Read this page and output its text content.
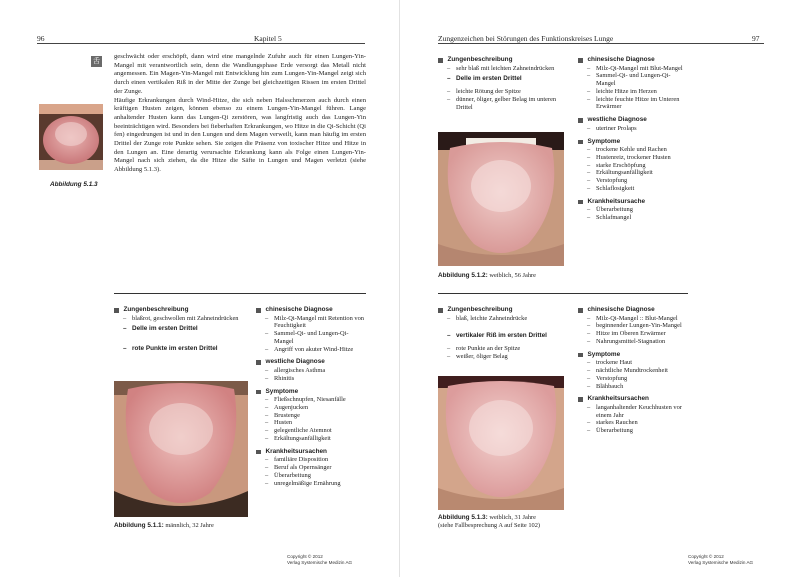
96	Kapitel 5
舌

geschwächt oder erschöpft, dann wird eine mangelnde Zufuhr auch für einen Lungen-Yin-Mangel mit verantwortlich sein, denn die Wandlungsphase Erde versorgt das Metall nicht angemessen. Ein Magen-Yin-Mangel mit Entwicklung hin zum Lungen-Yin-Mangel zeigt sich durch einen vertikalen Riß in der Mitte der Zunge bei gleichzeitigen Rissen im ersten Drittel der Zunge.

Häufige Erkrankungen durch Wind-Hitze, die sich neben Halsschmerzen auch durch einen kräftigen Husten zeigen, können ebenso zu einem Lungen-Yin-Mangel führen. Lange anhaltender Husten kann das Lungen-Qi zerstören, was langfristig auch das Lungen-Yin beeinträchtigen wird. Besonders bei fieberhaften Erkrankungen, wo Hitze in die Qi-Schicht (Qi fen) eingedrungen ist und in den Lungen und dem Magen verweilt, kann man häufig im ersten Drittel der Zunge rote Punkte sehen. Sie zeigen die Präsenz von toxischer Hitze und Hitze in den Lungen an. Eine derartig verursachte Erkrankung kann als Folge einen Lungen-Yin-Mangel nach sich ziehen, da die Hitze die Säfte in Lungen und Magen verletzt (siehe Abbildung 5.1.3).

Abbildung 5.1.3
Zungenbeschreibung
– blaßrot, geschwollen mit Zahneindrücken
– Delle im ersten Drittel
– rote Punkte im ersten Drittel
Abbildung 5.1.1: männlich, 32 Jahre
chinesische Diagnose
– Milz-Qi-Mangel mit Retention von Feuchtigkeit
– Sammel-Qi- und Lungen-Qi-Mangel
– Angriff von akuter Wind-Hitze
westliche Diagnose
– allergisches Asthma
– Rhinitis
Symptome
– Fließschnupfen, Niesanfälle
– Augenjucken
– Brustenge
– Husten
– gelegentliche Atemnot
– Erkältungsanfälligkeit
Krankheitsursachen
– familiäre Disposition
– Beruf als Opernsänger
– Überarbeitung
– unregelmäßige Ernährung
Copyright © 2012
Verlag Systemische Medizin AG
Zungenzeichen bei Störungen des Funktionskreises Lunge	97
Zungenbeschreibung
– sehr blaß mit leichten Zahneindrücken
– Delle im ersten Drittel
– leichte Rötung der Spitze
– dünner, öliger, gelber Belag im unteren Drittel
Abbildung 5.1.2: weiblich, 56 Jahre
chinesische Diagnose
– Milz-Qi-Mangel mit Blut-Mangel
– Sammel-Qi- und Lungen-Qi-Mangel
– leichte Hitze im Herzen
– leichte feuchte Hitze im Unteren Erwärmer
westliche Diagnose
– uteriner Prolaps
Symptome
– trockene Kehle und Rachen
– Hustenreiz, trockener Husten
– starke Erschöpfung
– Erkältungsanfälligkeit
– Verstopfung
– Schlaflosigkeit
Krankheitsursache
– Überarbeitung
– Schlafmangel
Zungenbeschreibung
– blaß, leichte Zahneindrücke
– vertikaler Riß im ersten Drittel
– rote Punkte an der Spitze
– weißer, öliger Belag
Abbildung 5.1.3: weiblich, 31 Jahre
(siehe Fallbesprechung A auf Seite 102)
chinesische Diagnose
– Milz-Qi-Mangel :: Blut-Mangel
– beginnender Lungen-Yin-Mangel
– Hitze im Oberen Erwärmer
– Nahrungsmittel-Stagnation
Symptome
– trockene Haut
– nächtliche Mundtrockenheit
– Verstopfung
– Blähbauch
Krankheitsursachen
– langanhaltender Keuchhusten vor einem Jahr
– starkes Rauchen
– Überarbeitung
Copyright © 2012
Verlag Systemische Medizin AG
